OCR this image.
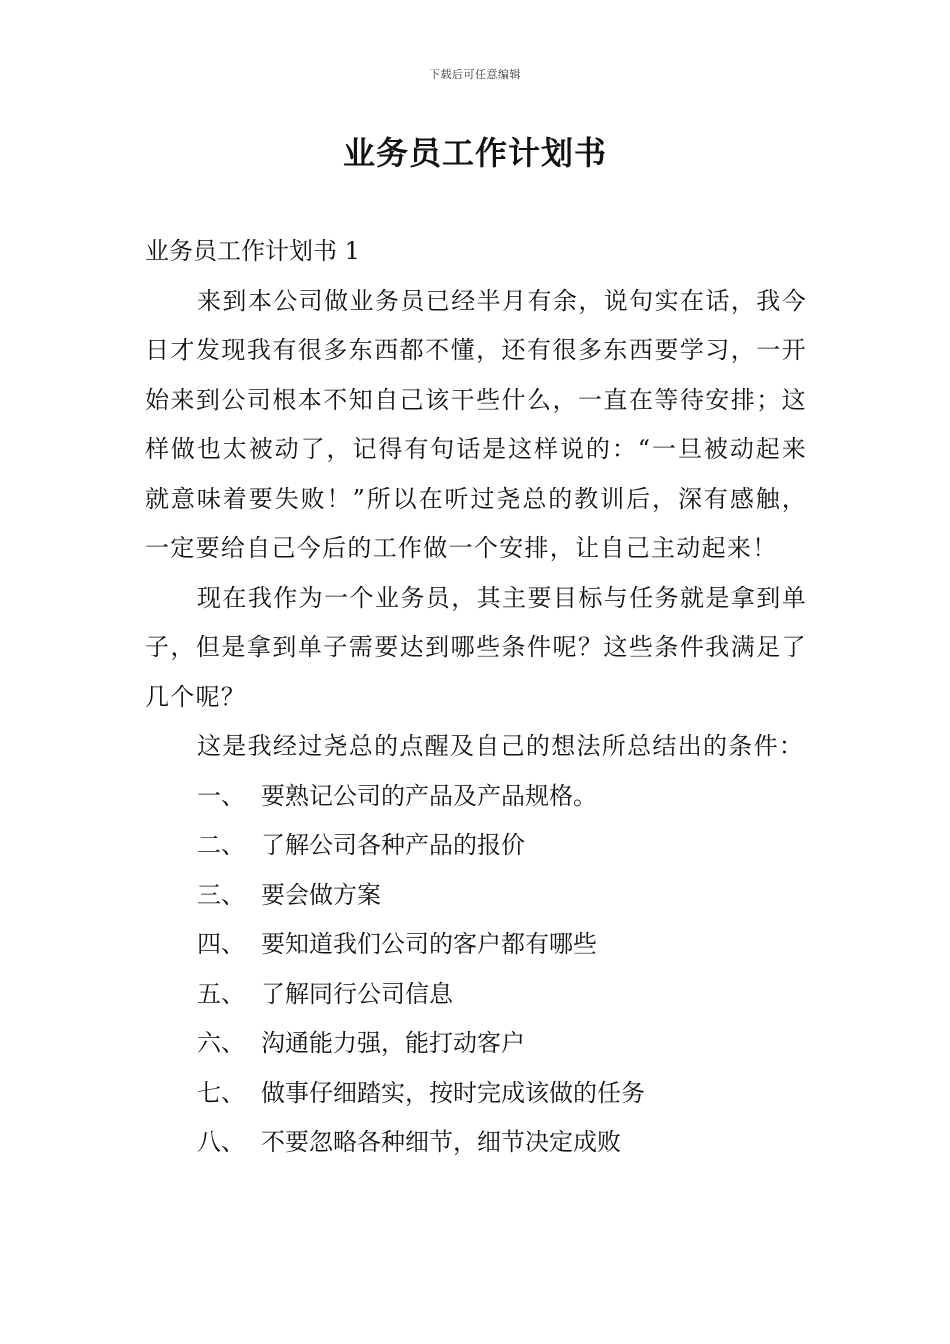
下载后可任意编辑
业务员工作计划书

业务员工作计划书 1

来到本公司做业务员已经半月有余，说句实在话，我今日才发现我有很多东西都不懂，还有很多东西要学习，一开始来到公司根本不知自己该干些什么，一直在等待安排；这样做也太被动了，记得有句话是这样说的：“一旦被动起来就意味着要失败！”所以在听过尧总的教训后，深有感触，一定要给自己今后的工作做一个安排，让自己主动起来！

现在我作为一个业务员，其主要目标与任务就是拿到单子，但是拿到单子需要达到哪些条件呢？这些条件我满足了几个呢？

这是我经过尧总的点醒及自己的想法所总结出的条件：

一、 要熟记公司的产品及产品规格。
二、 了解公司各种产品的报价
三、 要会做方案
四、 要知道我们公司的客户都有哪些
五、 了解同行公司信息
六、 沟通能力强，能打动客户
七、 做事仔细踏实，按时完成该做的任务
八、 不要忽略各种细节，细节决定成败
